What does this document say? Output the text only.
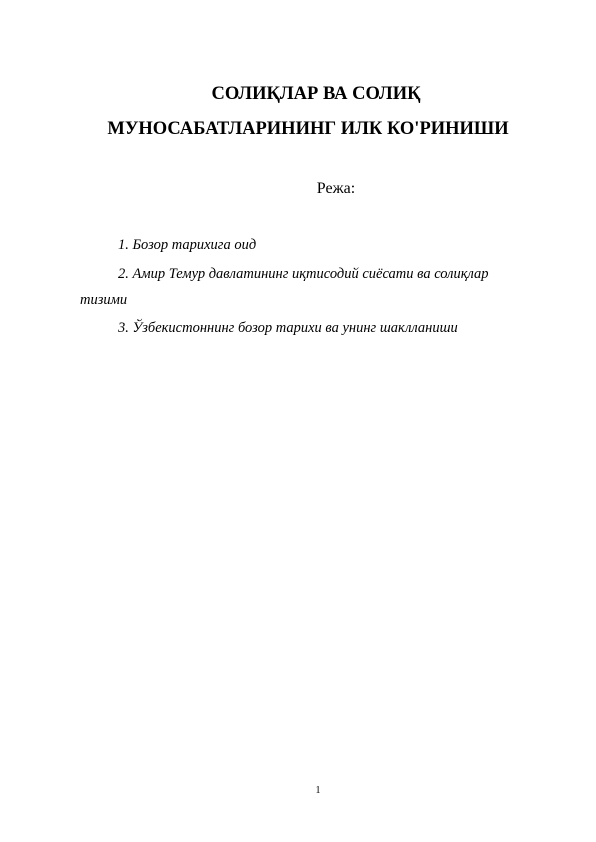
СОЛИҚЛАР ВА СОЛИҚ
МУНОСАБАТЛАРИНИНГ ИЛК КО'РИНИШИ

Режа:

1. Бозор тарихига оид

2. Амир Темур давлатининг иқтисодий сиёсати ва солиқлар

тизими

3. Ўзбекистоннинг бозор тарихи ва унинг шаклланиши

1
